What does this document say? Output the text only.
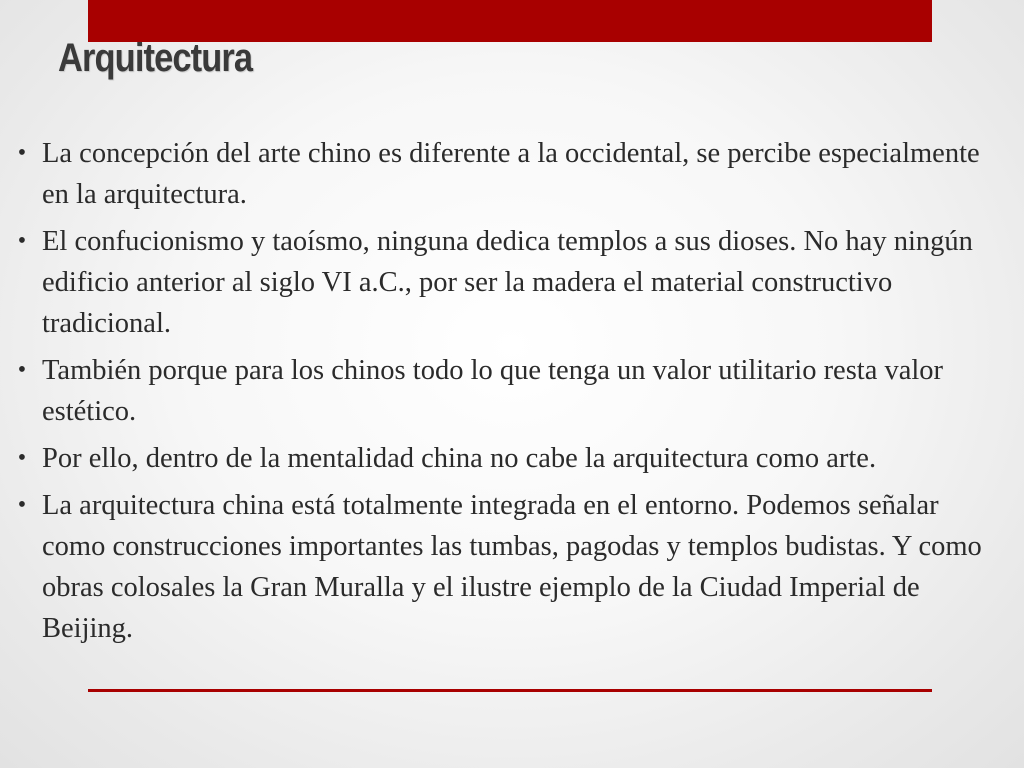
Arquitectura
• La concepción del arte chino es diferente a la occidental, se percibe especialmente en la arquitectura.
• El confucionismo y taoísmo, ninguna dedica templos a sus dioses. No hay ningún edificio anterior al siglo VI a.C., por ser la madera el material constructivo tradicional.
• También porque para los chinos todo lo que tenga un valor utilitario resta valor estético.
• Por ello, dentro de la mentalidad china no cabe la arquitectura como arte.
• La arquitectura china está totalmente integrada en el entorno. Podemos señalar como construcciones importantes las tumbas, pagodas y templos budistas. Y como obras colosales la Gran Muralla y el ilustre ejemplo de la Ciudad Imperial de Beijing.
